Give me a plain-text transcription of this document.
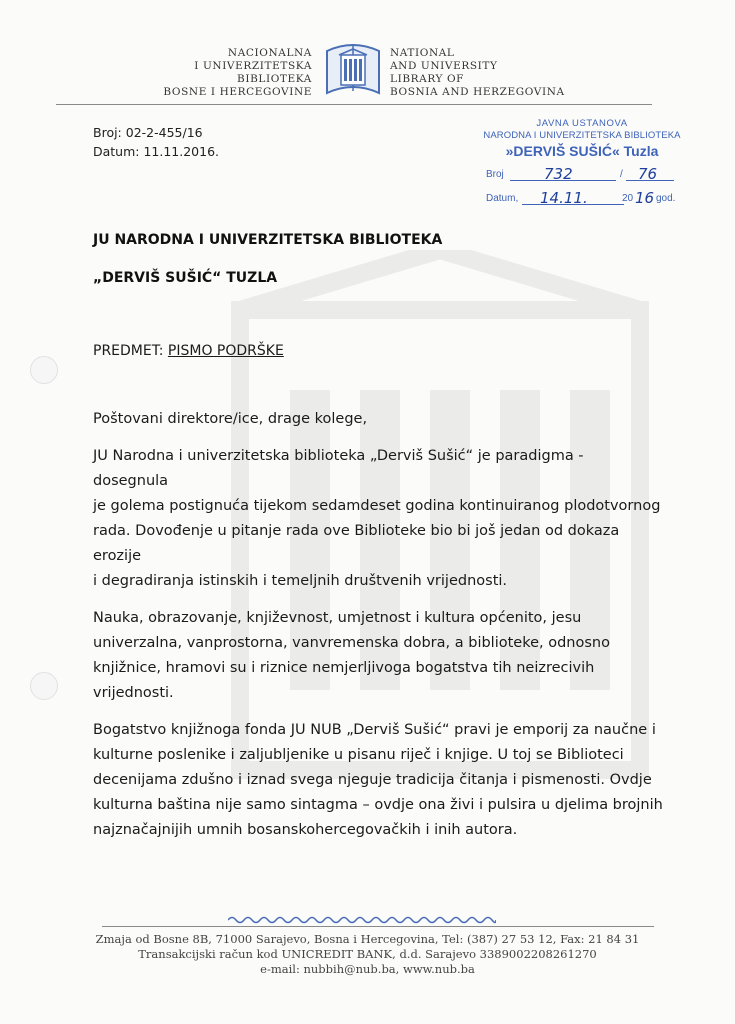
NACIONALNA
I UNIVERZITETSKA
BIBLIOTEKA
BOSNE I HERCEGOVINE
NATIONAL
AND UNIVERSITY
LIBRARY OF
BOSNIA AND HERZEGOVINA
Broj: 02-2-455/16
Datum: 11.11.2016.
JAVNA USTANOVA
NARODNA I UNIVERZITETSKA BIBLIOTEKA
»DERVIŠ SUŠIĆ« Tuzla
Broj	732	/ 76
Datum, 14.11.	20 16 god.
JU NARODNA I UNIVERZITETSKA BIBLIOTEKA
„DERVIŠ SUŠIĆ“ TUZLA
PREDMET: PISMO PODRŠKE

Poštovani direktore/ice, drage kolege,

JU Narodna i univerzitetska biblioteka „Derviš Sušić“ je paradigma - dosegnula
je golema postignuća tijekom sedamdeset godina kontinuiranog plodotvornog
rada. Dovođenje u pitanje rada ove Biblioteke bio bi još jedan od dokaza erozije
i degradiranja istinskih i temeljnih društvenih vrijednosti.

Nauka, obrazovanje, književnost, umjetnost i kultura općenito, jesu
univerzalna, vanprostorna, vanvremenska dobra, a biblioteke, odnosno
knjižnice, hramovi su i riznice nemjerljivoga bogatstva tih neizrecivih
vrijednosti.

Bogatstvo knjižnoga fonda JU NUB „Derviš Sušić“ pravi je emporij za naučne i
kulturne poslenike i zaljubljenike u pisanu riječ i knjige. U toj se Biblioteci
decenijama zdušno i iznad svega njeguje tradicija čitanja i pismenosti. Ovdje
kulturna baština nije samo sintagma – ovdje ona živi i pulsira u djelima brojnih
najznačajnijih umnih bosanskohercegovačkih i inih autora.

Zmaja od Bosne 8B, 71000 Sarajevo, Bosna i Hercegovina, Tel: (387) 27 53 12, Fax: 21 84 31
Transakcijski račun kod UNICREDIT BANK, d.d. Sarajevo 3389002208261270
e-mail: nubbih@nub.ba, www.nub.ba
